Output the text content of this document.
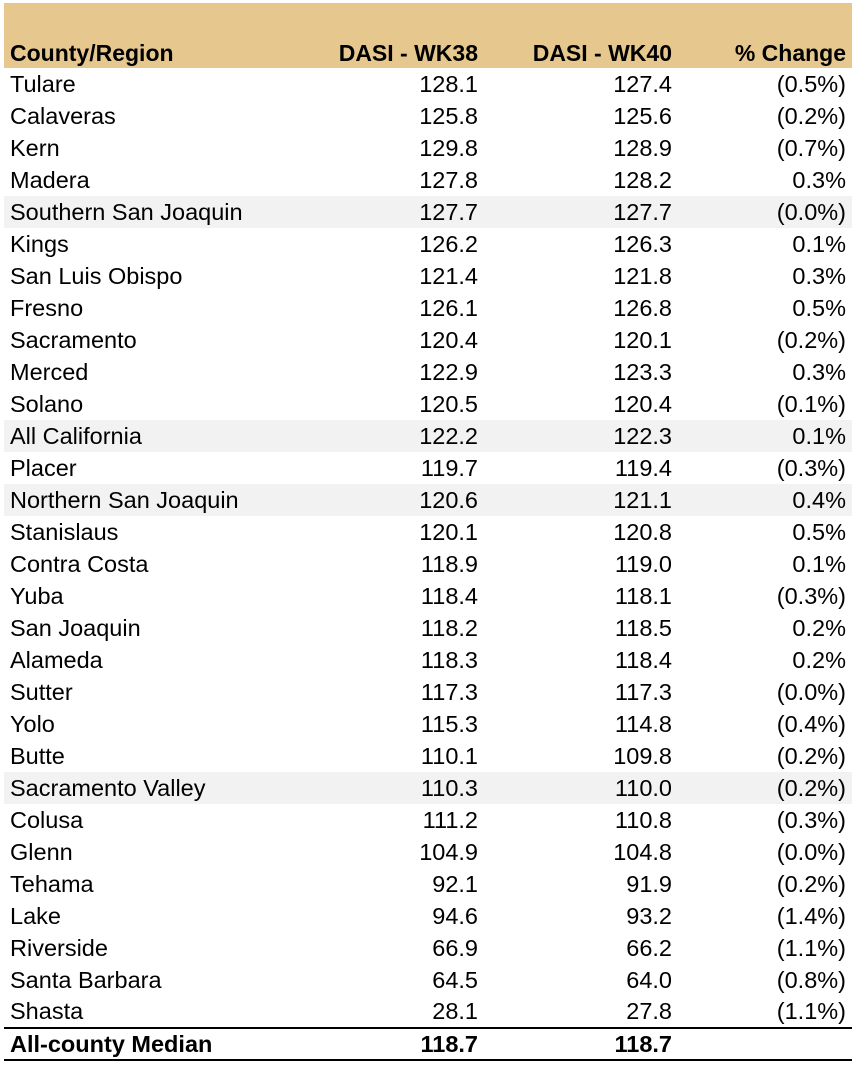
County/Region	DASI - WK38	DASI - WK40	% Change
Tulare	128.1	127.4	(0.5%)
Calaveras	125.8	125.6	(0.2%)
Kern	129.8	128.9	(0.7%)
Madera	127.8	128.2	0.3%
Southern San Joaquin	127.7	127.7	(0.0%)
Kings	126.2	126.3	0.1%
San Luis Obispo	121.4	121.8	0.3%
Fresno	126.1	126.8	0.5%
Sacramento	120.4	120.1	(0.2%)
Merced	122.9	123.3	0.3%
Solano	120.5	120.4	(0.1%)
All California	122.2	122.3	0.1%
Placer	119.7	119.4	(0.3%)
Northern San Joaquin	120.6	121.1	0.4%
Stanislaus	120.1	120.8	0.5%
Contra Costa	118.9	119.0	0.1%
Yuba	118.4	118.1	(0.3%)
San Joaquin	118.2	118.5	0.2%
Alameda	118.3	118.4	0.2%
Sutter	117.3	117.3	(0.0%)
Yolo	115.3	114.8	(0.4%)
Butte	110.1	109.8	(0.2%)
Sacramento Valley	110.3	110.0	(0.2%)
Colusa	111.2	110.8	(0.3%)
Glenn	104.9	104.8	(0.0%)
Tehama	92.1	91.9	(0.2%)
Lake	94.6	93.2	(1.4%)
Riverside	66.9	66.2	(1.1%)
Santa Barbara	64.5	64.0	(0.8%)
Shasta	28.1	27.8	(1.1%)
All-county Median	118.7	118.7	
